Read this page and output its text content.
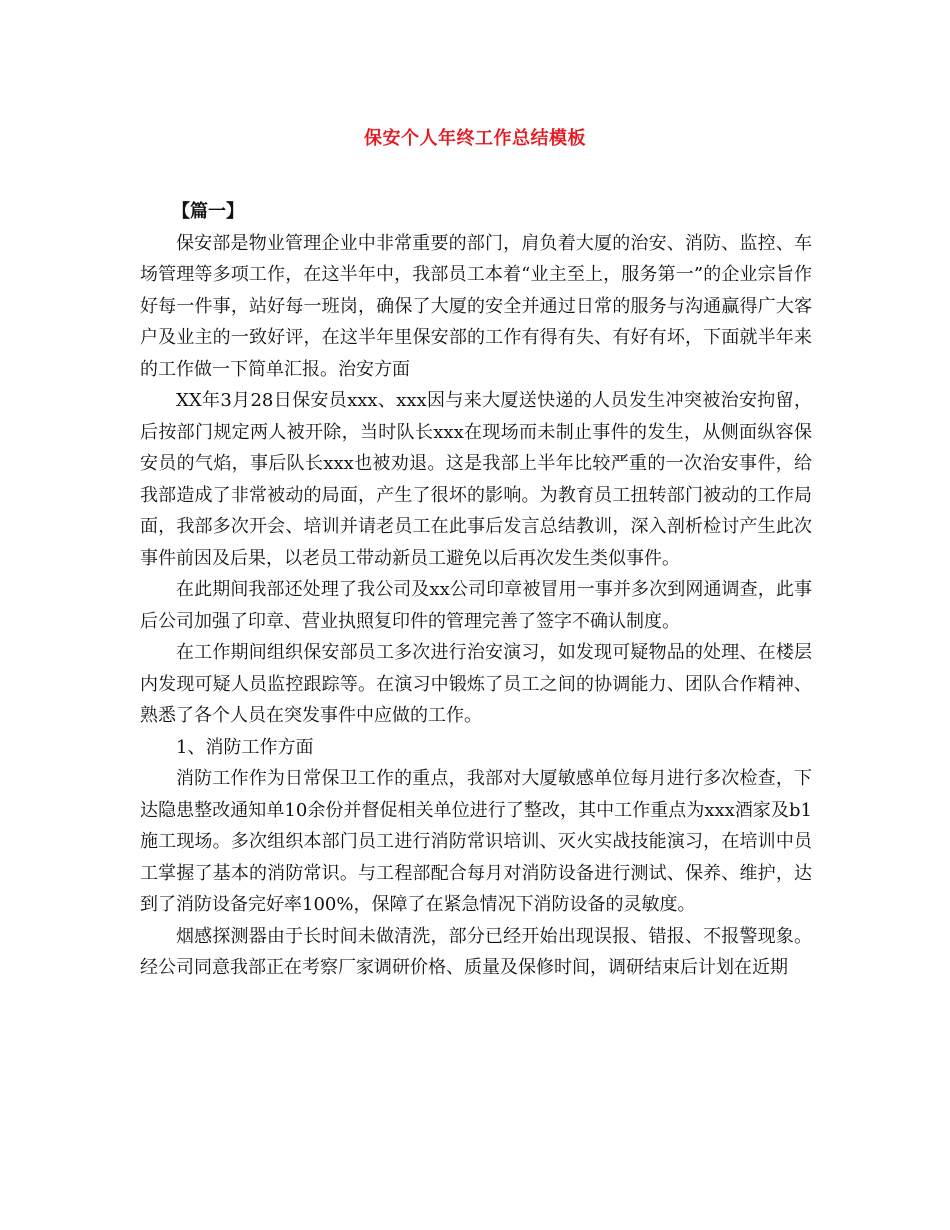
保安个人年终工作总结模板

【篇一】

保安部是物业管理企业中非常重要的部门，肩负着大厦的治安、消防、监控、车场管理等多项工作，在这半年中，我部员工本着“业主至上，服务第一”的企业宗旨作好每一件事，站好每一班岗，确保了大厦的安全并通过日常的服务与沟通赢得广大客户及业主的一致好评，在这半年里保安部的工作有得有失、有好有坏，下面就半年来的工作做一下简单汇报。治安方面

XX年3月28日保安员xxx、xxx因与来大厦送快递的人员发生冲突被治安拘留，后按部门规定两人被开除，当时队长xxx在现场而未制止事件的发生，从侧面纵容保安员的气焰，事后队长xxx也被劝退。这是我部上半年比较严重的一次治安事件，给我部造成了非常被动的局面，产生了很坏的影响。为教育员工扭转部门被动的工作局面，我部多次开会、培训并请老员工在此事后发言总结教训，深入剖析检讨产生此次事件前因及后果，以老员工带动新员工避免以后再次发生类似事件。

在此期间我部还处理了我公司及xx公司印章被冒用一事并多次到网通调查，此事后公司加强了印章、营业执照复印件的管理完善了签字不确认制度。

在工作期间组织保安部员工多次进行治安演习，如发现可疑物品的处理、在楼层内发现可疑人员监控跟踪等。在演习中锻炼了员工之间的协调能力、团队合作精神、熟悉了各个人员在突发事件中应做的工作。

1、消防工作方面

消防工作作为日常保卫工作的重点，我部对大厦敏感单位每月进行多次检查，下达隐患整改通知单10余份并督促相关单位进行了整改，其中工作重点为xxx酒家及b1施工现场。多次组织本部门员工进行消防常识培训、灭火实战技能演习，在培训中员工掌握了基本的消防常识。与工程部配合每月对消防设备进行测试、保养、维护，达到了消防设备完好率100%，保障了在紧急情况下消防设备的灵敏度。

烟感探测器由于长时间未做清洗，部分已经开始出现误报、错报、不报警现象。经公司同意我部正在考察厂家调研价格、质量及保修时间，调研结束后计划在近期
